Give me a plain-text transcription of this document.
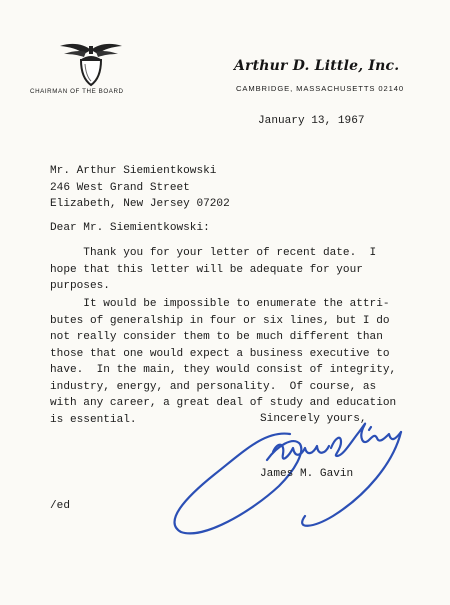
CHAIRMAN OF THE BOARD
Arthur D. Little, Inc.
CAMBRIDGE, MASSACHUSETTS 02140
January 13, 1967
Mr. Arthur Siemientkowski
246 West Grand Street
Elizabeth, New Jersey 07202
Dear Mr. Siemientkowski:
Thank you for your letter of recent date.  I
hope that this letter will be adequate for your
purposes.
It would be impossible to enumerate the attri-
butes of generalship in four or six lines, but I do
not really consider them to be much different than
those that one would expect a business executive to
have.  In the main, they would consist of integrity,
industry, energy, and personality.  Of course, as
with any career, a great deal of study and education
is essential.	Sincerely yours,
James M. Gavin
/ed
